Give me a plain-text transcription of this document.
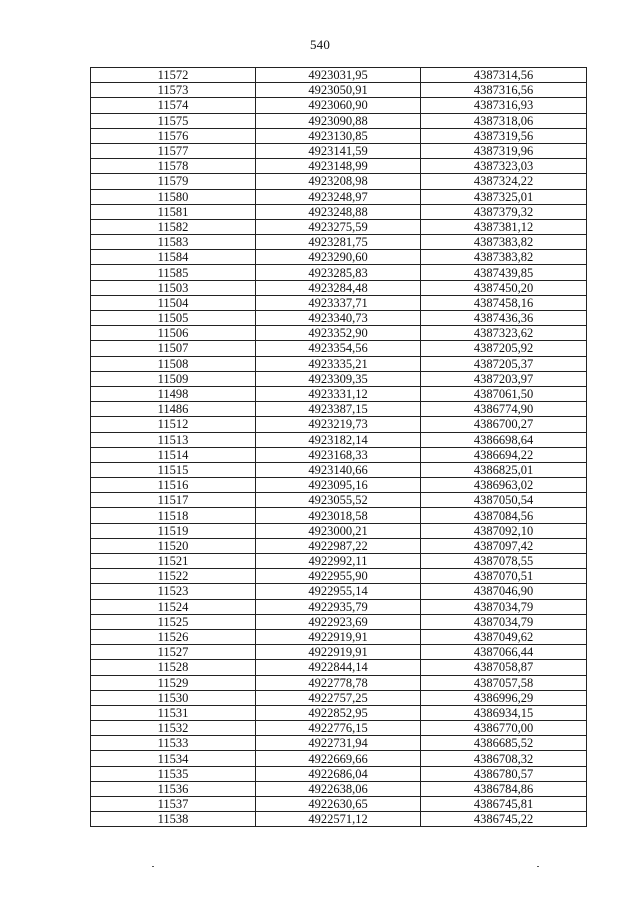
540
11572	4923031,95	4387314,56
11573	4923050,91	4387316,56
11574	4923060,90	4387316,93
11575	4923090,88	4387318,06
11576	4923130,85	4387319,56
11577	4923141,59	4387319,96
11578	4923148,99	4387323,03
11579	4923208,98	4387324,22
11580	4923248,97	4387325,01
11581	4923248,88	4387379,32
11582	4923275,59	4387381,12
11583	4923281,75	4387383,82
11584	4923290,60	4387383,82
11585	4923285,83	4387439,85
11503	4923284,48	4387450,20
11504	4923337,71	4387458,16
11505	4923340,73	4387436,36
11506	4923352,90	4387323,62
11507	4923354,56	4387205,92
11508	4923335,21	4387205,37
11509	4923309,35	4387203,97
11498	4923331,12	4387061,50
11486	4923387,15	4386774,90
11512	4923219,73	4386700,27
11513	4923182,14	4386698,64
11514	4923168,33	4386694,22
11515	4923140,66	4386825,01
11516	4923095,16	4386963,02
11517	4923055,52	4387050,54
11518	4923018,58	4387084,56
11519	4923000,21	4387092,10
11520	4922987,22	4387097,42
11521	4922992,11	4387078,55
11522	4922955,90	4387070,51
11523	4922955,14	4387046,90
11524	4922935,79	4387034,79
11525	4922923,69	4387034,79
11526	4922919,91	4387049,62
11527	4922919,91	4387066,44
11528	4922844,14	4387058,87
11529	4922778,78	4387057,58
11530	4922757,25	4386996,29
11531	4922852,95	4386934,15
11532	4922776,15	4386770,00
11533	4922731,94	4386685,52
11534	4922669,66	4386708,32
11535	4922686,04	4386780,57
11536	4922638,06	4386784,86
11537	4922630,65	4386745,81
11538	4922571,12	4386745,22
